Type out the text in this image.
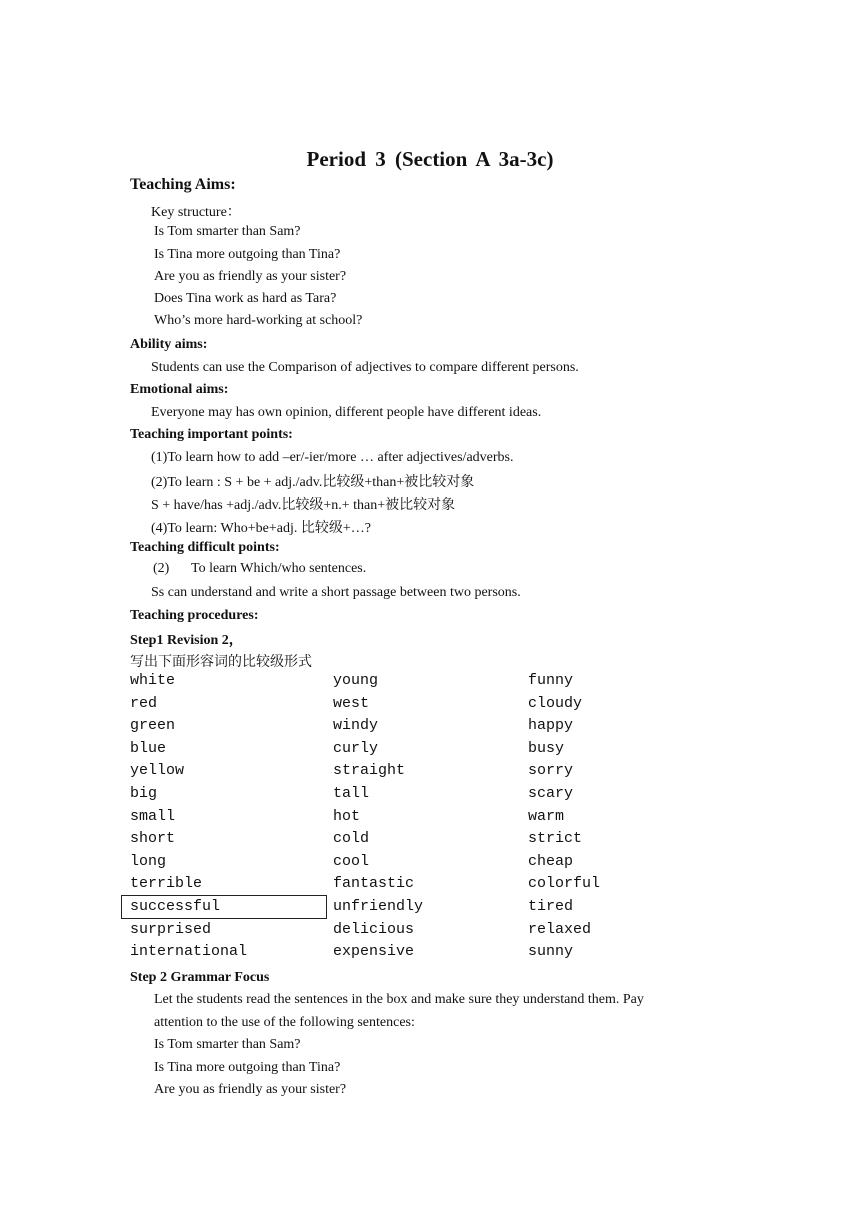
Period 3 (Section A 3a-3c)
Teaching Aims:
Key structure：
Is Tom smarter than Sam?
Is Tina more outgoing than Tina?
Are you as friendly as your sister?
Does Tina work as hard as Tara?
Who’s more hard-working at school?
Ability aims:
Students can use the Comparison of adjectives to compare different persons.
Emotional aims:
Everyone may has own opinion, different people have different ideas.
Teaching important points:
(1)To learn how to add –er/-ier/more … after adjectives/adverbs.
(2)To learn : S + be + adj./adv.比较级+than+被比较对象
S + have/has +adj./adv.比较级+n.+ than+被比较对象
(4)To learn: Who+be+adj. 比较级+…?
Teaching difficult points:
(2) To learn Which/who sentences.
Ss can understand and write a short passage between two persons.
Teaching procedures:
Step1 Revision 2，
写出下面形容词的比较级形式
white	young	funny
red	west	cloudy
green	windy	happy
blue	curly	busy
yellow	straight	sorry
big	tall	scary
small	hot	warm
short	cold	strict
long	cool	cheap
terrible	fantastic	colorful
successful	unfriendly	tired
surprised	delicious	relaxed
international	expensive	sunny
Step 2 Grammar Focus
Let the students read the sentences in the box and make sure they understand them. Pay
attention to the use of the following sentences:
Is Tom smarter than Sam?
Is Tina more outgoing than Tina?
Are you as friendly as your sister?
